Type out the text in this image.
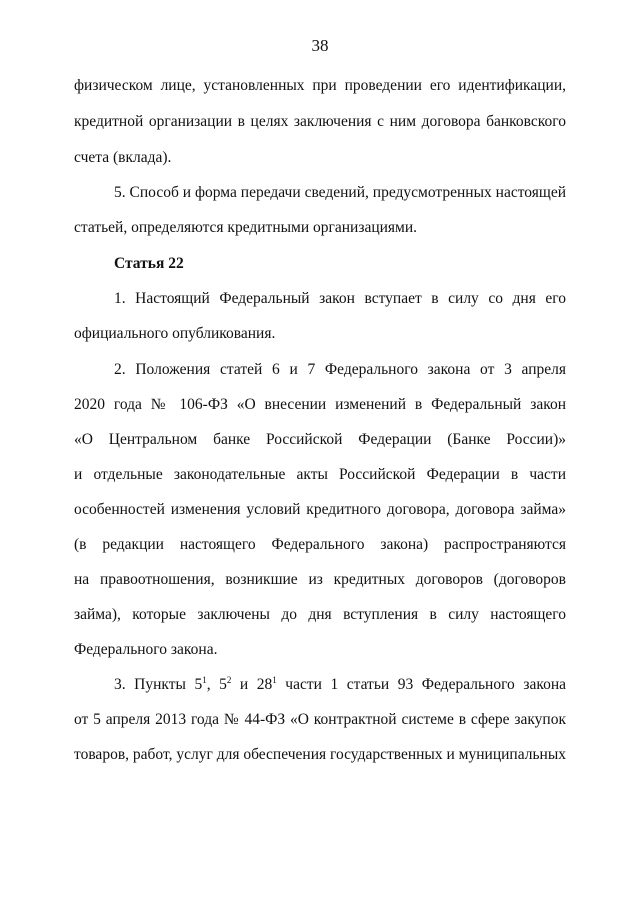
38
физическом лице, установленных при проведении его идентификации,
кредитной организации в целях заключения с ним договора банковского
счета (вклада).
5. Способ и форма передачи сведений, предусмотренных настоящей
статьей, определяются кредитными организациями.
Статья 22
1. Настоящий Федеральный закон вступает в силу со дня его
официального опубликования.
2. Положения статей 6 и 7 Федерального закона от 3 апреля
2020 года № 106-ФЗ «О внесении изменений в Федеральный закон
«О Центральном банке Российской Федерации (Банке России)»
и отдельные законодательные акты Российской Федерации в части
особенностей изменения условий кредитного договора, договора займа»
(в редакции настоящего Федерального закона) распространяются
на правоотношения, возникшие из кредитных договоров (договоров
займа), которые заключены до дня вступления в силу настоящего
Федерального закона.
3. Пункты $5^1$, $5^2$ и $28^1$ части 1 статьи 93 Федерального закона
от 5 апреля 2013 года № 44-ФЗ «О контрактной системе в сфере закупок
товаров, работ, услуг для обеспечения государственных и муниципальных
